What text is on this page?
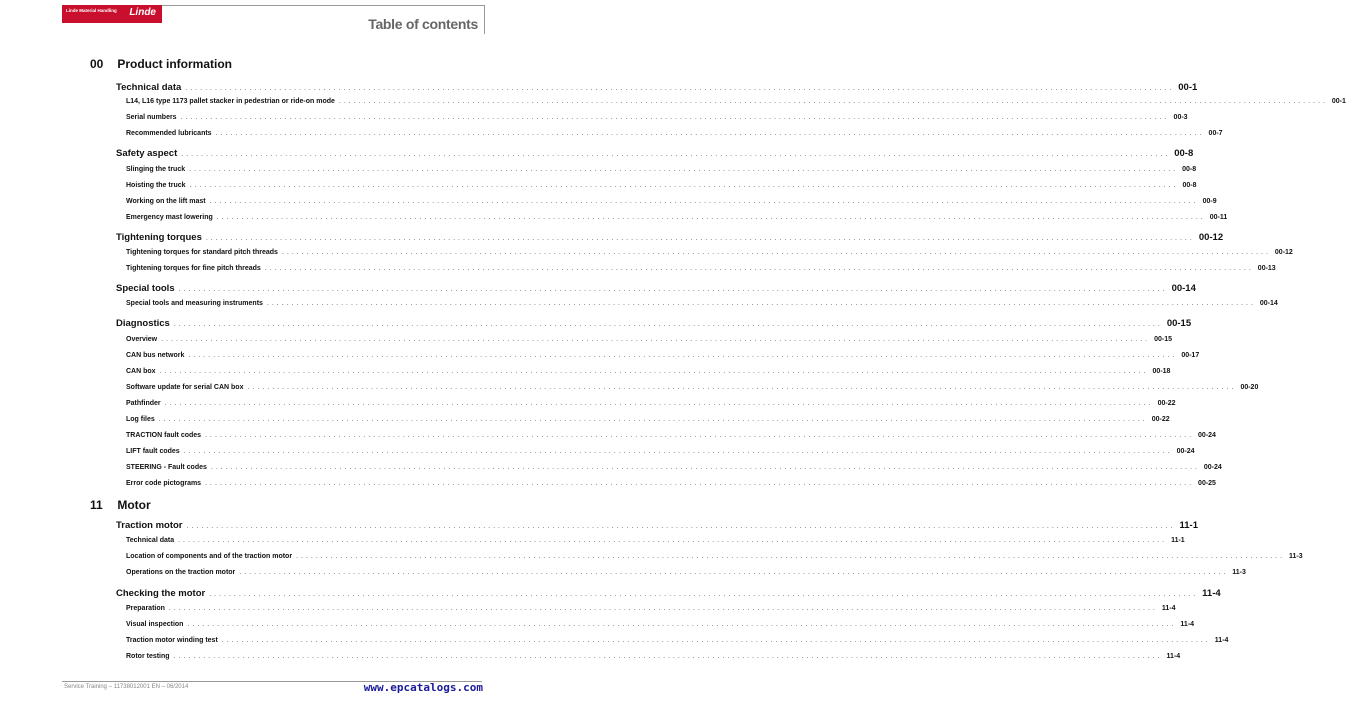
Linde Material Handling Linde
Table of contents
00 Product information
11 Motor
Technical data ........................................................................................................................................................................................................ 00-1
L14, L16 type 1173 pallet stacker in pedestrian or ride-on mode ........................................................................................................................................................................................................ 00-1
Serial numbers ........................................................................................................................................................................................................ 00-3
Recommended lubricants ........................................................................................................................................................................................................ 00-7
Safety aspect ........................................................................................................................................................................................................ 00-8
Slinging the truck ........................................................................................................................................................................................................ 00-8
Hoisting the truck ........................................................................................................................................................................................................ 00-8
Working on the lift mast ........................................................................................................................................................................................................ 00-9
Emergency mast lowering ........................................................................................................................................................................................................ 00-11
Tightening torques ........................................................................................................................................................................................................ 00-12
Tightening torques for standard pitch threads ........................................................................................................................................................................................................ 00-12
Tightening torques for fine pitch threads ........................................................................................................................................................................................................ 00-13
Special tools ........................................................................................................................................................................................................ 00-14
Special tools and measuring instruments ........................................................................................................................................................................................................ 00-14
Diagnostics ........................................................................................................................................................................................................ 00-15
Overview ........................................................................................................................................................................................................ 00-15
CAN bus network ........................................................................................................................................................................................................ 00-17
CAN box ........................................................................................................................................................................................................ 00-18
Software update for serial CAN box ........................................................................................................................................................................................................ 00-20
Pathfinder ........................................................................................................................................................................................................ 00-22
Log files ........................................................................................................................................................................................................ 00-22
TRACTION fault codes ........................................................................................................................................................................................................ 00-24
LIFT fault codes ........................................................................................................................................................................................................ 00-24
STEERING - Fault codes ........................................................................................................................................................................................................ 00-24
Error code pictograms ........................................................................................................................................................................................................ 00-25
Traction motor ........................................................................................................................................................................................................ 11-1
Technical data ........................................................................................................................................................................................................ 11-1
Location of components and of the traction motor ........................................................................................................................................................................................................ 11-3
Operations on the traction motor ........................................................................................................................................................................................................ 11-3
Checking the motor ........................................................................................................................................................................................................ 11-4
Preparation ........................................................................................................................................................................................................ 11-4
Visual inspection ........................................................................................................................................................................................................ 11-4
Traction motor winding test ........................................................................................................................................................................................................ 11-4
Rotor testing ........................................................................................................................................................................................................ 11-4
Service Training – 11738012001 EN – 06/2014	www.epcatalogs.com
